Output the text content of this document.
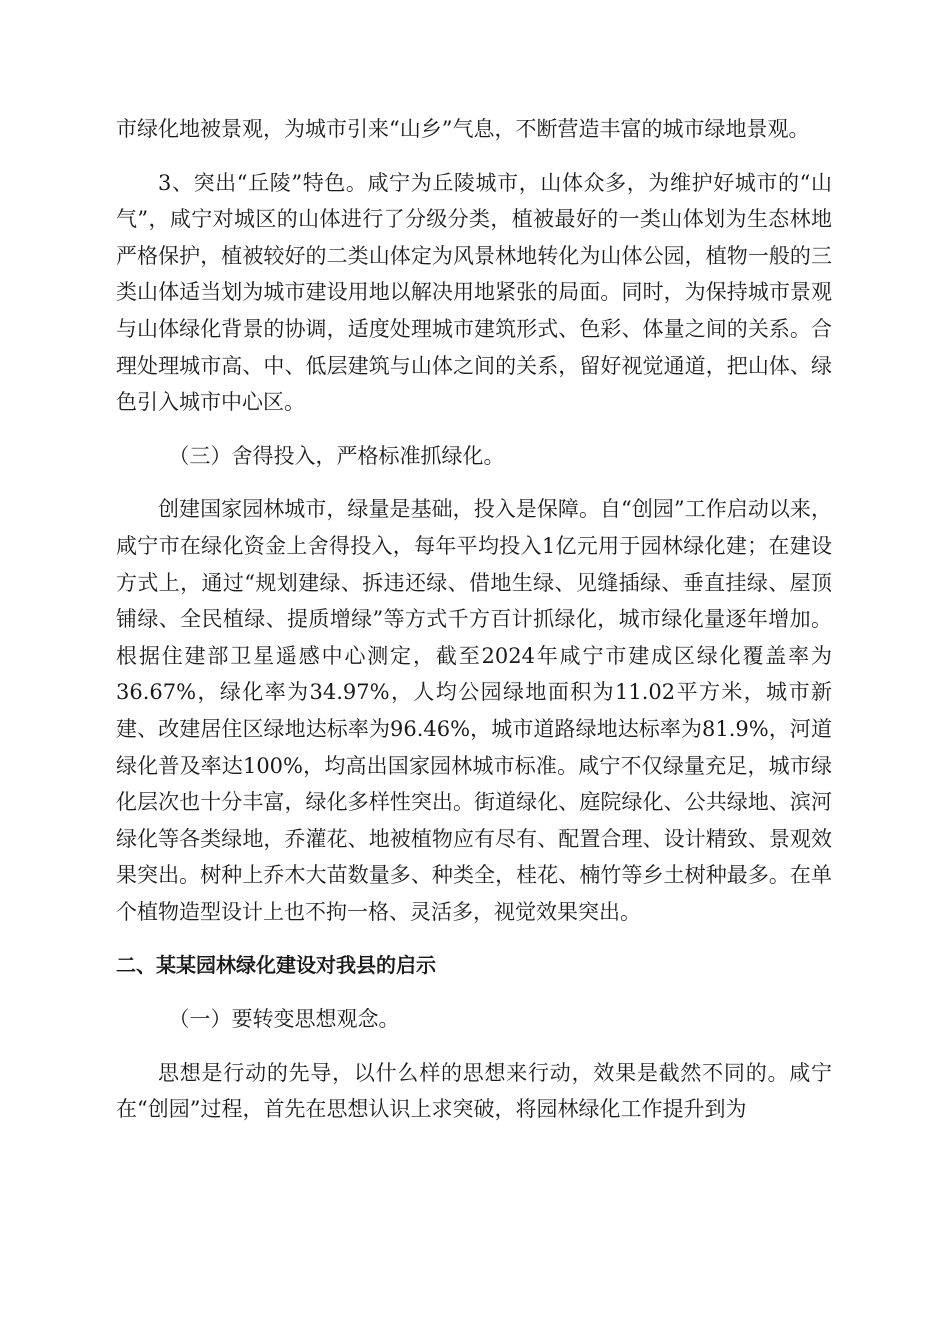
市绿化地被景观，为城市引来“山乡”气息，不断营造丰富的城市绿地景观。

3、突出“丘陵”特色。咸宁为丘陵城市，山体众多，为维护好城市的“山气”，咸宁对城区的山体进行了分级分类，植被最好的一类山体划为生态林地严格保护，植被较好的二类山体定为风景林地转化为山体公园，植物一般的三类山体适当划为城市建设用地以解决用地紧张的局面。同时，为保持城市景观与山体绿化背景的协调，适度处理城市建筑形式、色彩、体量之间的关系。合理处理城市高、中、低层建筑与山体之间的关系，留好视觉通道，把山体、绿色引入城市中心区。

（三）舍得投入，严格标准抓绿化。

创建国家园林城市，绿量是基础，投入是保障。自“创园”工作启动以来，咸宁市在绿化资金上舍得投入，每年平均投入1亿元用于园林绿化建；在建设方式上，通过“规划建绿、拆违还绿、借地生绿、见缝插绿、垂直挂绿、屋顶铺绿、全民植绿、提质增绿”等方式千方百计抓绿化，城市绿化量逐年增加。根据住建部卫星遥感中心测定，截至2024年咸宁市建成区绿化覆盖率为36.67%，绿化率为34.97%，人均公园绿地面积为11.02平方米，城市新建、改建居住区绿地达标率为96.46%，城市道路绿地达标率为81.9%，河道绿化普及率达100%，均高出国家园林城市标准。咸宁不仅绿量充足，城市绿化层次也十分丰富，绿化多样性突出。街道绿化、庭院绿化、公共绿地、滨河绿化等各类绿地，乔灌花、地被植物应有尽有、配置合理、设计精致、景观效果突出。树种上乔木大苗数量多、种类全，桂花、楠竹等乡土树种最多。在单个植物造型设计上也不拘一格、灵活多，视觉效果突出。

二、某某园林绿化建设对我县的启示

（一）要转变思想观念。

思想是行动的先导，以什么样的思想来行动，效果是截然不同的。咸宁在“创园”过程，首先在思想认识上求突破，将园林绿化工作提升到为
